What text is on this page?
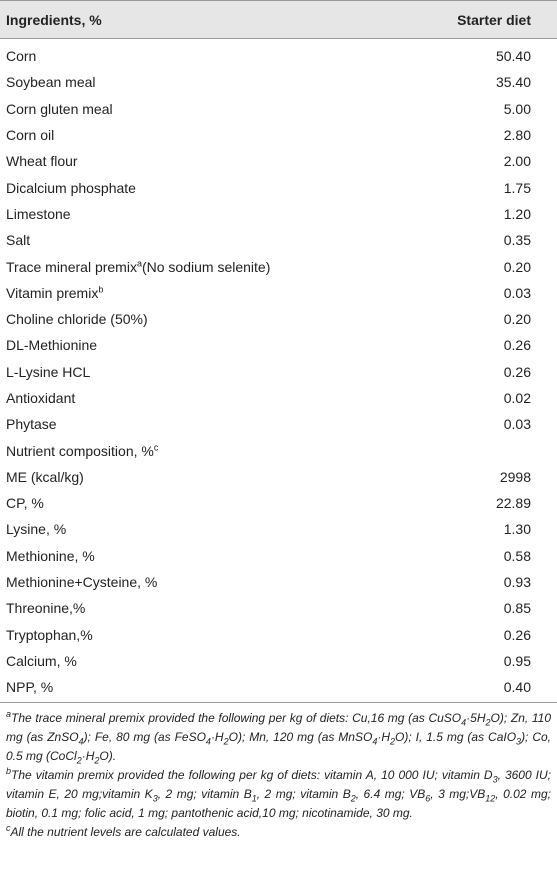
Ingredients, %	Starter diet
Corn	50.40
Soybean meal	35.40
Corn gluten meal	5.00
Corn oil	2.80
Wheat flour	2.00
Dicalcium phosphate	1.75
Limestone	1.20
Salt	0.35
Trace mineral premix$^a$(No sodium selenite)	0.20
Vitamin premix$^b$	0.03
Choline chloride (50%)	0.20
DL-Methionine	0.26
L-Lysine HCL	0.26
Antioxidant	0.02
Phytase	0.03
Nutrient composition, %$^c$
ME (kcal/kg)	2998
CP, %	22.89
Lysine, %	1.30
Methionine, %	0.58
Methionine+Cysteine, %	0.93
Threonine,%	0.85
Tryptophan,%	0.26
Calcium, %	0.95
NPP, %	0.40

$^a$The trace mineral premix provided the following per kg of diets: Cu,16 mg (as $CuSO_4\cdot 5H_2O$); Zn, 110 mg (as ZnSO$_4$); Fe, 80 mg (as $FeSO_4\cdot H_2O$); Mn, 120 mg (as $MnSO_4\cdot H_2O$); I, 1.5 mg (as CaIO$_3$); Co, 0.5 mg $(CoCl_2\cdot H_2O)$.

$^b$The vitamin premix provided the following per kg of diets: vitamin A, 10 000 IU; vitamin $D_3$, 3600 IU; vitamin E, 20 mg;vitamin $K_3$, 2 mg; vitamin $B_1$, 2 mg; vitamin $B_2$, 6.4 mg; $VB_6$, 3 $mg;VB_{12}$, 0.02 mg; biotin, 0.1 mg; folic acid, 1 mg; pantothenic acid,10 mg; nicotinamide, 30 mg.

$^c$All the nutrient levels are calculated values.
